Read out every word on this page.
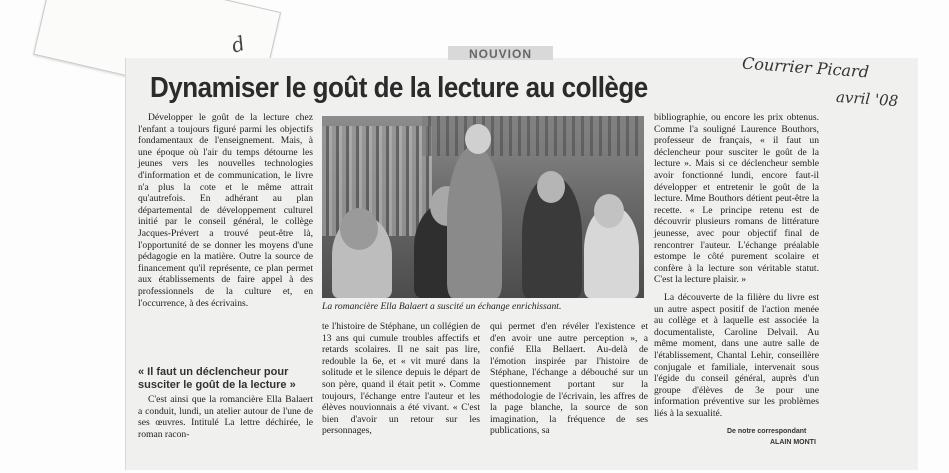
d	NOUVION
Dynamiser le goût de la lecture au collège
Courrier Picard
avril '08

Développer le goût de la lecture chez l'enfant a toujours figuré parmi les objectifs fondamentaux de l'enseignement. Mais, à une époque où l'air du temps détourne les jeunes vers les nouvelles technologies d'information et de communication, le livre n'a plus la cote et le même attrait qu'autrefois. En adhérant au plan départemental de développement culturel initié par le conseil général, le collège Jacques-Prévert a trouvé peut-être là, l'opportunité de se donner les moyens d'une pédagogie en la matière. Outre la source de financement qu'il représente, ce plan permet aux établissements de faire appel à des professionnels de la culture et, en l'occurrence, à des écrivains.

« Il faut un déclencheur pour susciter le goût de la lecture »

C'est ainsi que la romancière Ella Balaert a conduit, lundi, un atelier autour de l'une de ses œuvres. Intitulé La lettre déchirée, le roman racon-

La romancière Ella Balaert a suscité un échange enrichissant.

te l'histoire de Stéphane, un collégien de 13 ans qui cumule troubles affectifs et retards scolaires. Il ne sait pas lire, redouble la 6e, et « vit muré dans la solitude et le silence depuis le départ de son père, quand il était petit ». Comme toujours, l'échange entre l'auteur et les élèves nouvionnais a été vivant. « C'est bien d'avoir un retour sur les personnages,

qui permet d'en révéler l'existence et d'en avoir une autre perception », a confié Ella Bellaert. Au-delà de l'émotion inspirée par l'histoire de Stéphane, l'échange a débouché sur un questionnement portant sur la méthodologie de l'écrivain, les affres de la page blanche, la source de son imagination, la fréquence de ses publications, sa

bibliographie, ou encore les prix obtenus. Comme l'a souligné Laurence Bouthors, professeur de français, « il faut un déclencheur pour susciter le goût de la lecture ». Mais si ce déclencheur semble avoir fonctionné lundi, encore faut-il développer et entretenir le goût de la lecture. Mme Bouthors détient peut-être la recette. « Le principe retenu est de découvrir plusieurs romans de littérature jeunesse, avec pour objectif final de rencontrer l'auteur. L'échange préalable estompe le côté purement scolaire et confère à la lecture son véritable statut. C'est la lecture plaisir. »

La découverte de la filière du livre est un autre aspect positif de l'action menée au collège et à laquelle est associée la documentaliste, Caroline Delvail. Au même moment, dans une autre salle de l'établissement, Chantal Lehir, conseillère conjugale et familiale, intervenait sous l'égide du conseil général, auprès d'un groupe d'élèves de 3e pour une information préventive sur les problèmes liés à la sexualité.

De notre correspondant
ALAIN MONTI
